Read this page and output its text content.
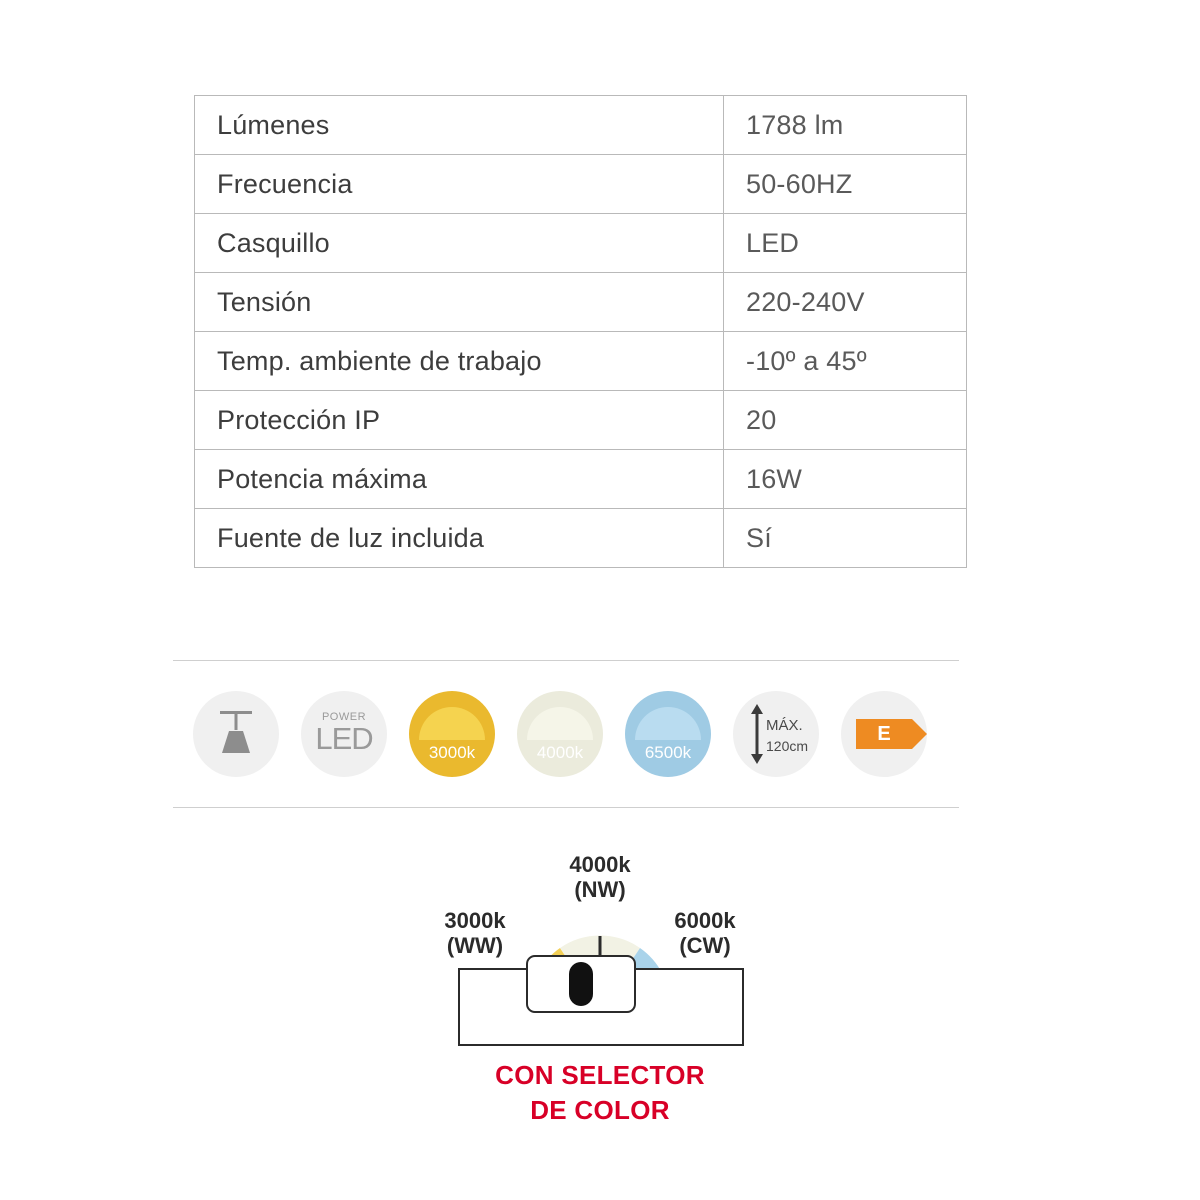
Lúmenes	1788 lm
Frecuencia	50-60HZ
Casquillo	LED
Tensión	220-240V
Temp. ambiente de trabajo	-10º a 45º
Protección IP	20
Potencia máxima	16W
Fuente de luz incluida	Sí
POWER
LED	3000k	4000k	6500k
MÁX.
120cm
E
4000k
(NW)
3000k
(WW)
6000k
(CW)
CON SELECTOR
DE COLOR
